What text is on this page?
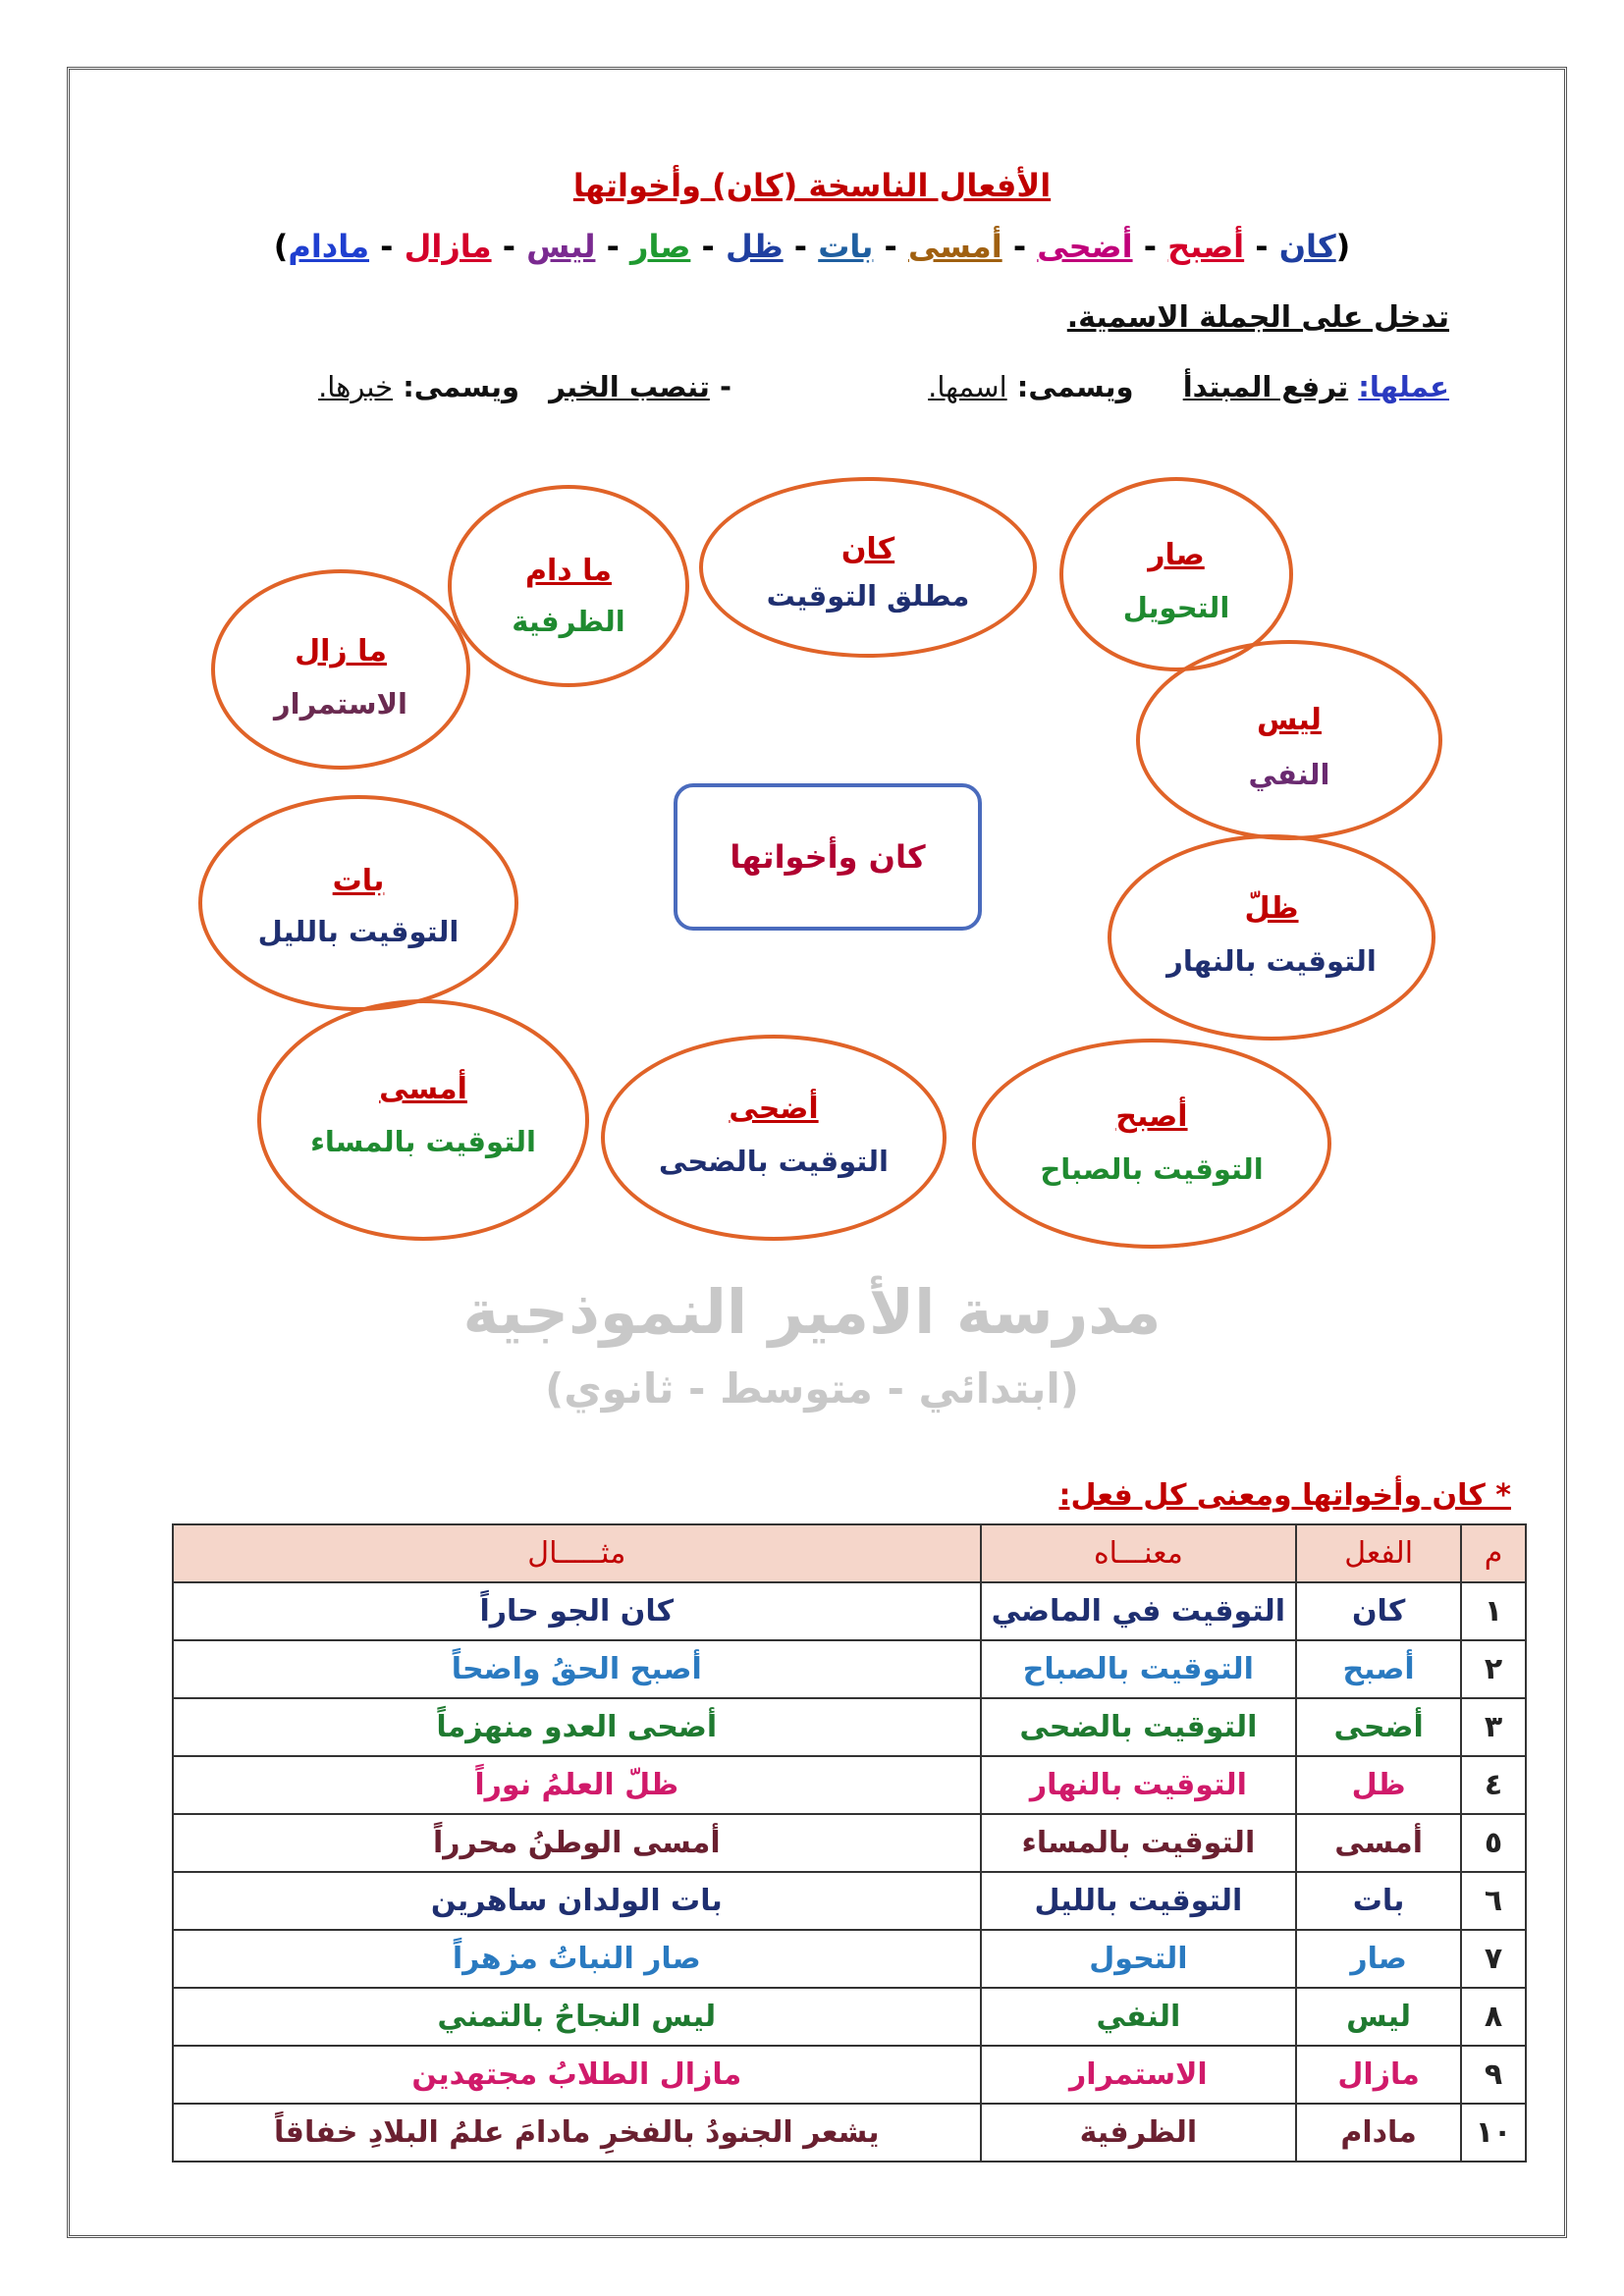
الأفعال الناسخة (كان) وأخواتها
(كان - أصبح - أضحى - أمسى - بات - ظل - صار - ليس - مازال - مادام)
تدخل على الجملة الاسمية.
عملها: ترفع المبتدأ ويسمى: اسمها. - تنصب الخبر ويسمى: خبرها.
كان
مطلق التوقيت
صار
التحويل
ليس
النفي
ظلّ
التوقيت بالنهار
أصبح
التوقيت بالصباح
أضحى
التوقيت بالضحى
أمسى
التوقيت بالمساء
بات
التوقيت بالليل
ما زال
الاستمرار
ما دام
الظرفية
كان وأخواتها
مدرسة الأمير النموذجية
(ابتدائي - متوسط - ثانوي)
* كان وأخواتها ومعنى كل فعل:
م	الفعل	معنـــاه	مثـــــال
١	كان	التوقيت في الماضي	كان الجو حاراً
٢	أصبح	التوقيت بالصباح	أصبح الحقُ واضحاً
٣	أضحى	التوقيت بالضحى	أضحى العدو منهزماً
٤	ظل	التوقيت بالنهار	ظلّ العلمُ نوراً
٥	أمسى	التوقيت بالمساء	أمسى الوطنُ محرراً
٦	بات	التوقيت بالليل	بات الولدان ساهرين
٧	صار	التحول	صار النباتُ مزهراً
٨	ليس	النفي	ليس النجاحُ بالتمني
٩	مازال	الاستمرار	مازال الطلابُ مجتهدين
١٠	مادام	الظرفية	يشعر الجنودُ بالفخرِ مادامَ علمُ البلادِ خفاقاً
